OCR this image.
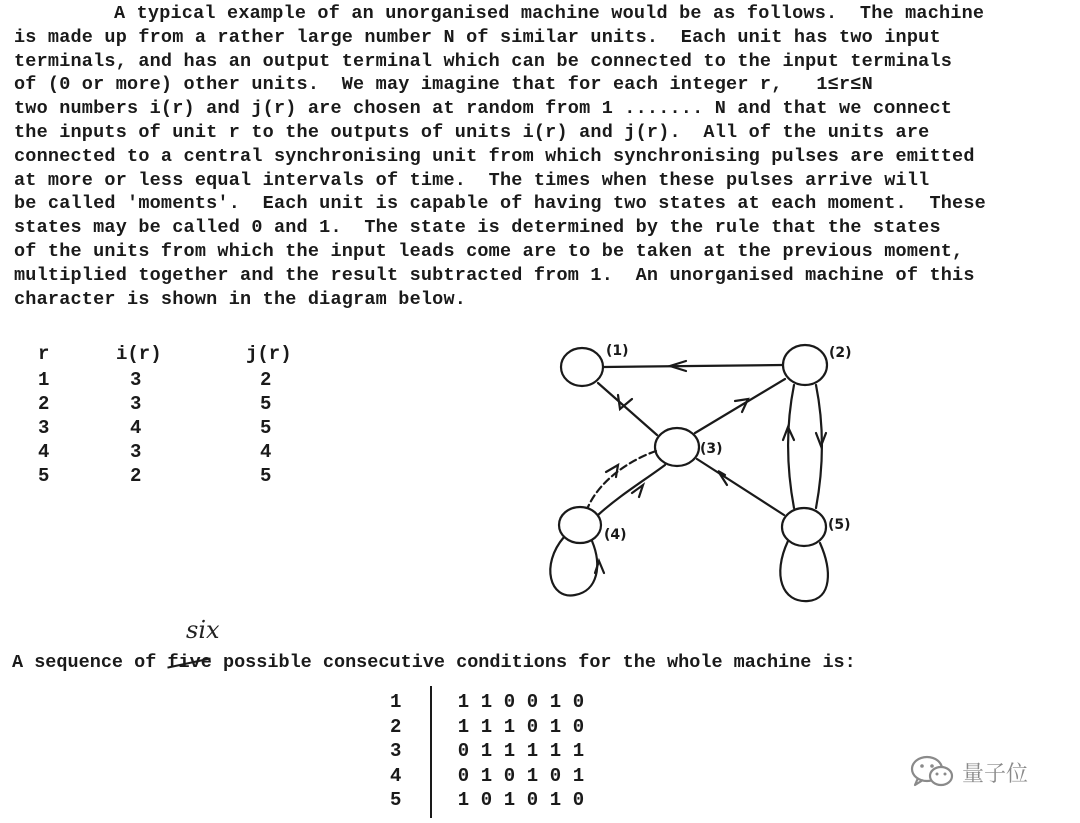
A typical example of an unorganised machine would be as follows.  The machine
is made up from a rather large number N of similar units.  Each unit has two input
terminals, and has an output terminal which can be connected to the input terminals
of (0 or more) other units.  We may imagine that for each integer r,   1≤r≤N
two numbers i(r) and j(r) are chosen at random from 1 ....... N and that we connect
the inputs of unit r to the outputs of units i(r) and j(r).  All of the units are
connected to a central synchronising unit from which synchronising pulses are emitted
at more or less equal intervals of time.  The times when these pulses arrive will
be called 'moments'.  Each unit is capable of having two states at each moment.  These
states may be called 0 and 1.  The state is determined by the rule that the states
of the units from which the input leads come are to be taken at the previous moment,
multiplied together and the result subtracted from 1.  An unorganised machine of this
character is shown in the diagram below.
r	i(r)	j(r)
1	3	2
2	3	5
3	4	5
4	3	4
5	2	5
(1)	(2)
(3)
(4)
(5)
six
A sequence of five possible consecutive conditions for the whole machine is:
1	1 1 0 0 1 0
2	1 1 1 0 1 0
3	0 1 1 1 1 1
4	0 1 0 1 0 1
5	1 0 1 0 1 0
量子位
